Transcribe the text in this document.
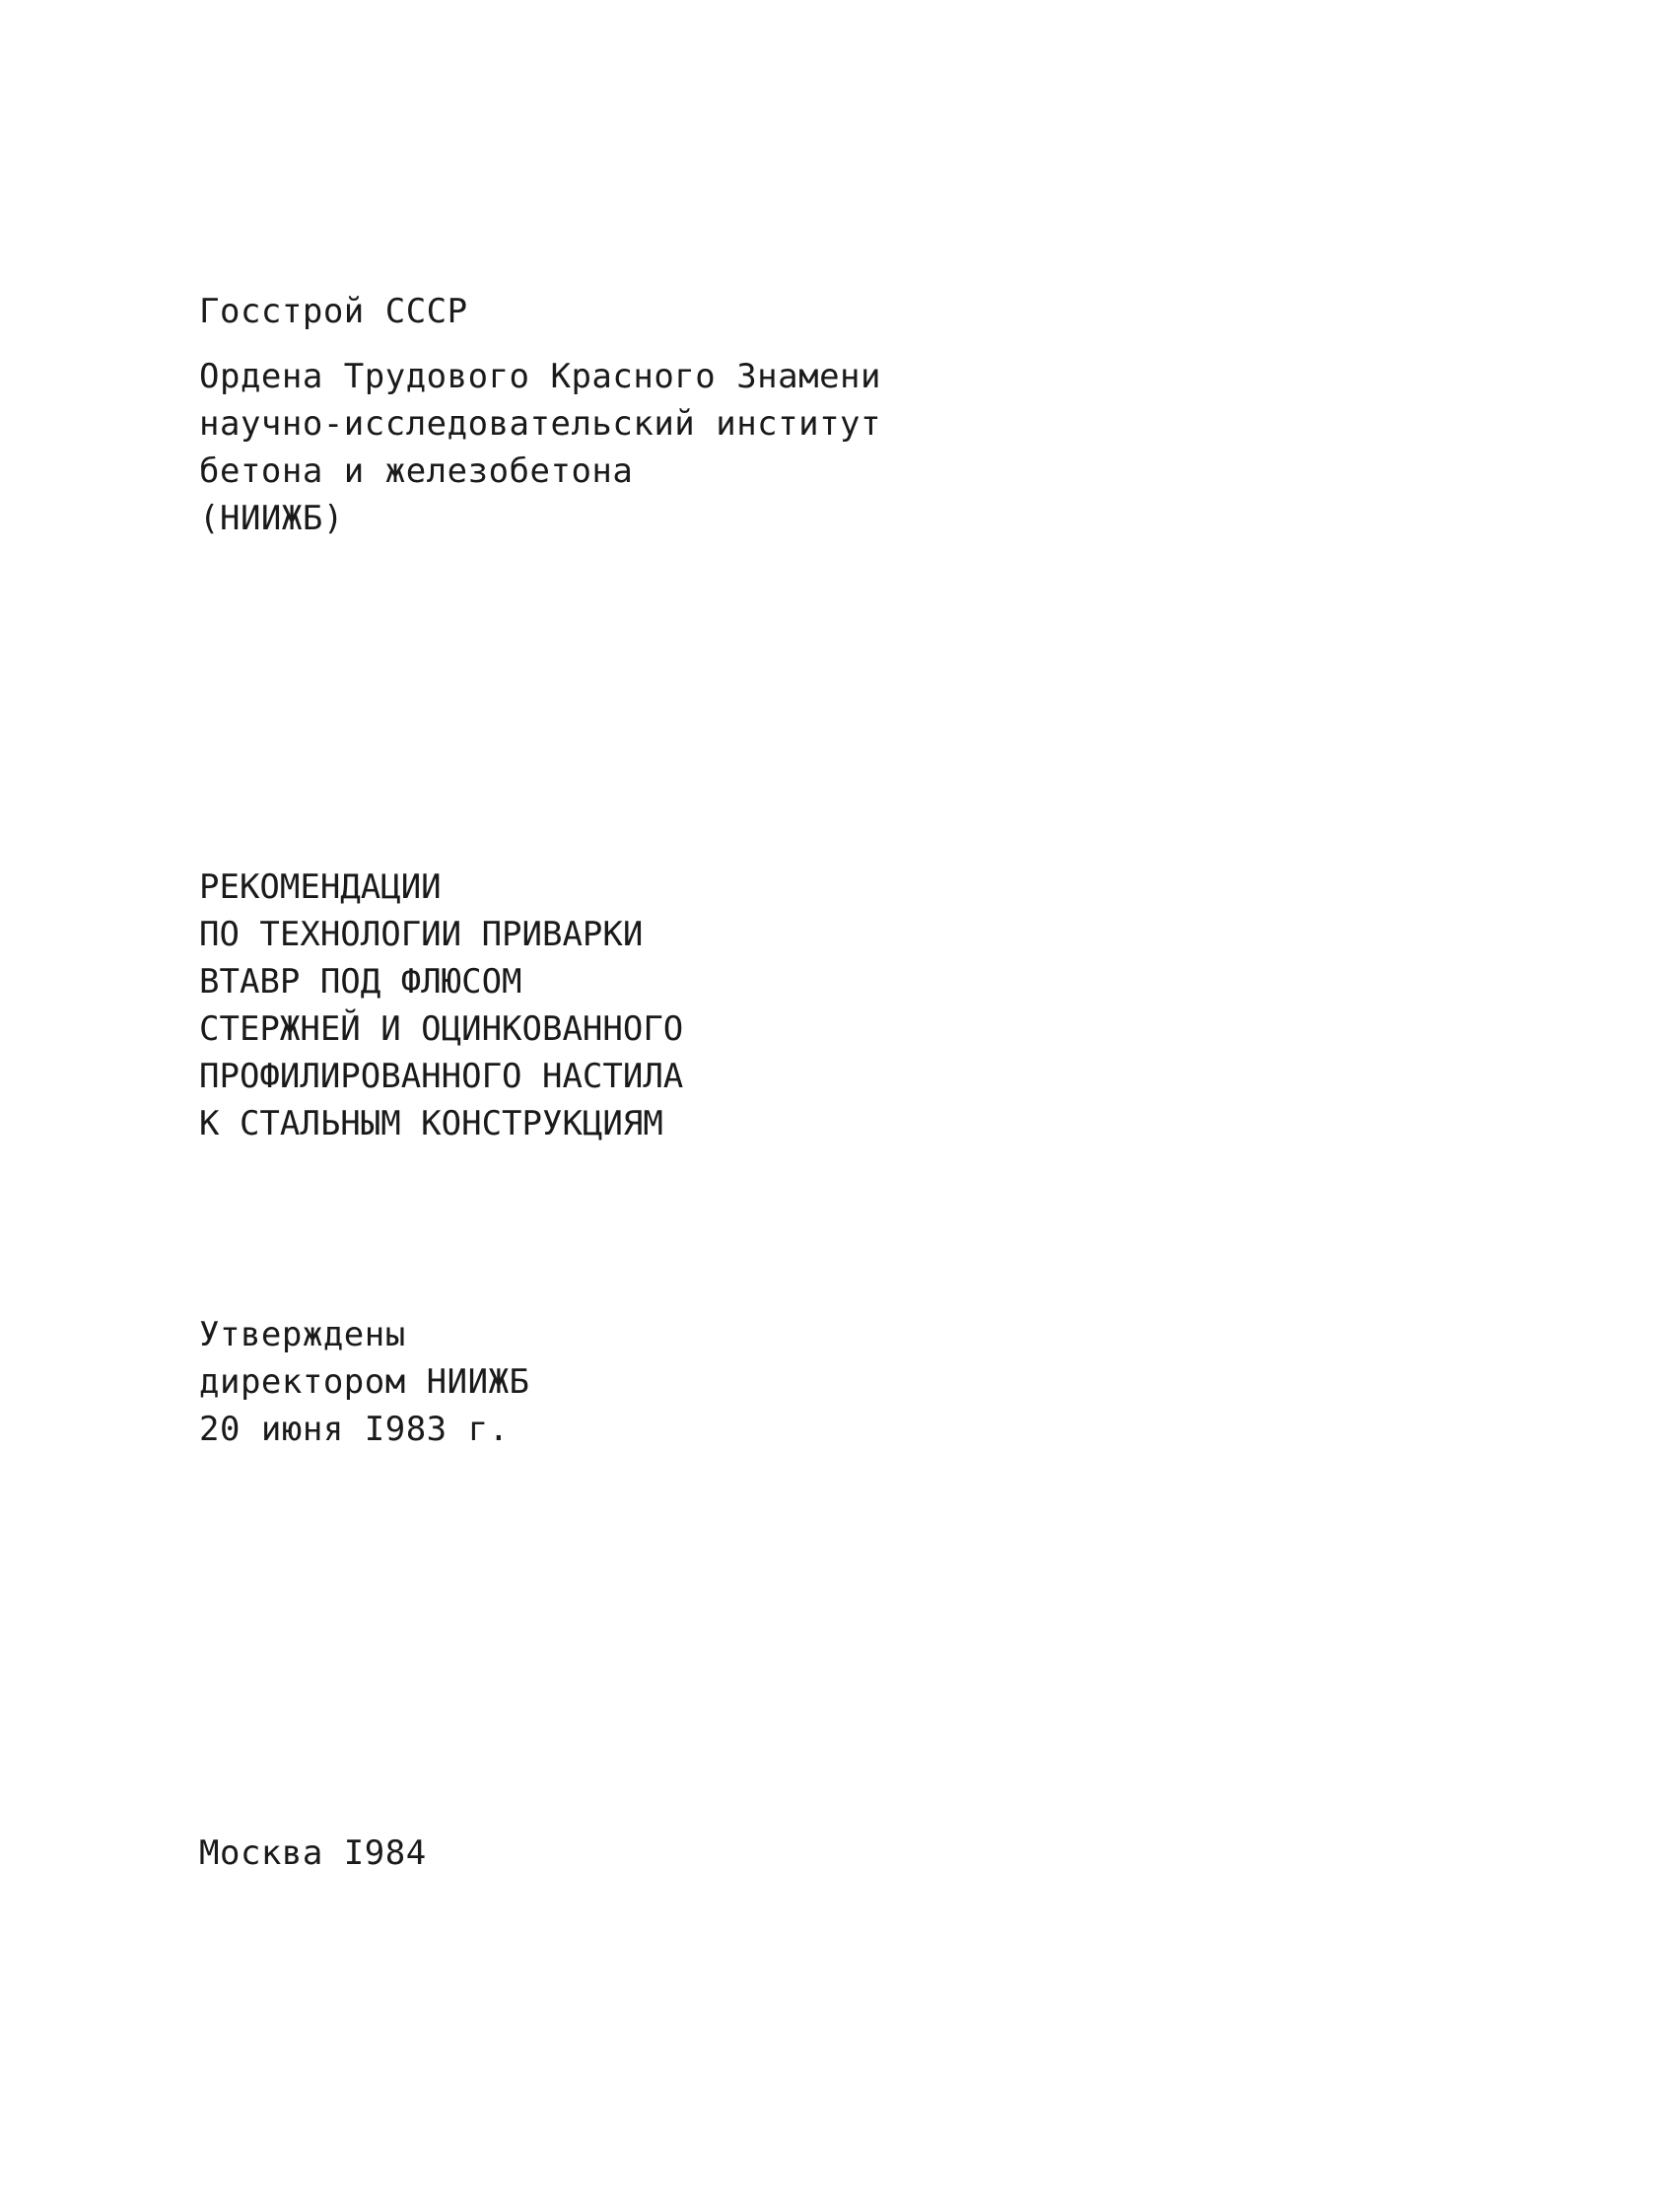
Госстрой СССР
Ордена Трудового Красного Знамени
научно-исследовательский институт
бетона и железобетона
(НИИЖБ)
РЕКОМЕНДАЦИИ
ПО ТЕХНОЛОГИИ ПРИВАРКИ
ВТАВР ПОД ФЛЮСОМ
СТЕРЖНЕЙ И ОЦИНКОВАННОГО
ПРОФИЛИРОВАННОГО НАСТИЛА
К СТАЛЬНЫМ КОНСТРУКЦИЯМ
Утверждены
директором НИИЖБ
20 июня I983 г.
Москва I984
